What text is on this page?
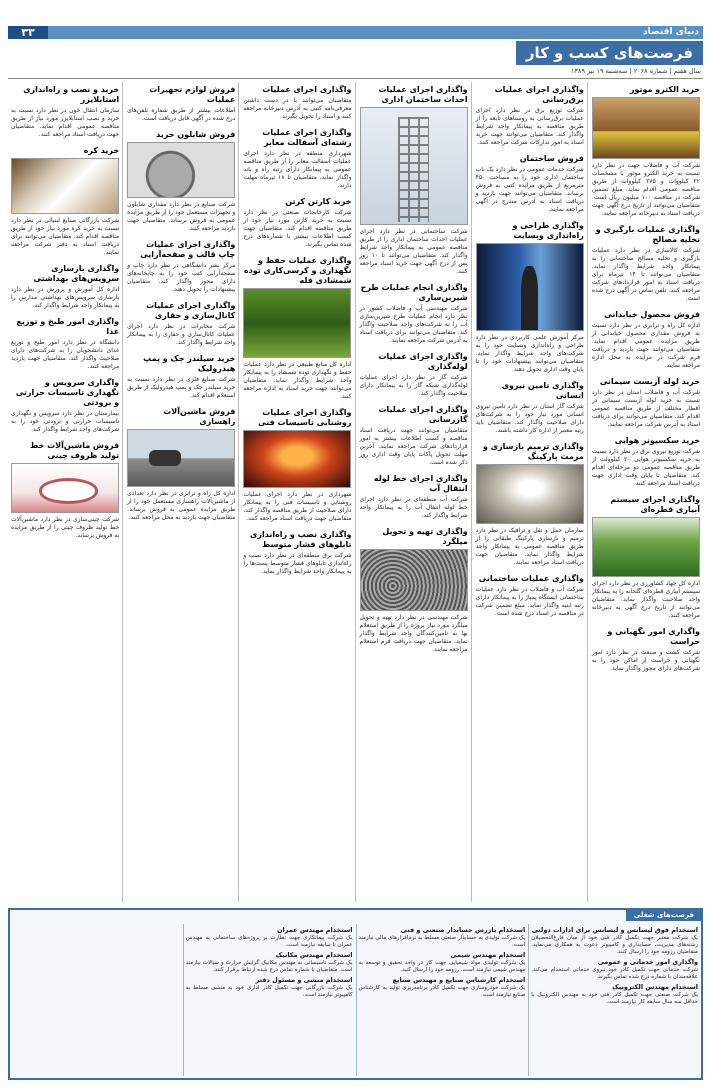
۳۳	دنیای اقتصاد
فرصت‌های کسب و کار
سال هفتم | شماره ۲۰۶۸ | سه‌شنبه ۱۹ تیر ۱۳۸۹
خرید الکترو موتور

شرکت آب و فاضلاب جهت در نظر دارد نسبت به خرید الکترو موتور با مشخصات ۲۲ کیلووات و ۲۷۵ کیلووات از طریق مناقصه عمومی اقدام نماید. مبلغ تضمین شرکت در مناقصه ۱۰۰ میلیون ریال است. متقاضیان می‌توانند از تاریخ درج آگهی جهت دریافت اسناد به دبیرخانه مراجعه نمایند.

واگذاری عملیات بارگیری و تخلیه مصالح

شرکت کالاسازی در نظر دارد عملیات بارگیری و تخلیه مصالح ساختمانی را به پیمانکار واجد شرایط واگذار نماید. متقاضیان می‌توانند تا ۱۴ تیرماه برای دریافت اسناد به امور قراردادهای شرکت مراجعه کنند. تلفن تماس در آگهی درج شده است.

فروش محصول خیابدانی

اداره کل راه و ترابری در نظر دارد نسبت به فروش مقداری محصول خیابدانی از طریق مزایده عمومی اقدام نماید. متقاضیان می‌توانند جهت بازدید و دریافت فرم شرکت در مزایده به محل اداره مراجعه نمایند.

خرید لوله آزبست سیمانی

شرکت آب و فاضلاب استان در نظر دارد نسبت به خرید لوله آزبست سیمانی در اقطار مختلف از طریق مناقصه عمومی اقدام کند. متقاضیان می‌توانند برای دریافت اسناد به آدرس شرکت مراجعه نمایند.

خرید سکسیونر هوایی

شرکت توزیع نیروی برق در نظر دارد نسبت به خرید سکسیونر هوایی ۲۰ کیلوولت از طریق مناقصه عمومی دو مرحله‌ای اقدام کند. متقاضیان تا پایان وقت اداری جهت دریافت اسناد مراجعه کنند.

واگذاری اجرای سیستم آبیاری قطره‌ای

اداره کل جهاد کشاورزی در نظر دارد اجرای سیستم آبیاری قطره‌ای گلخانه را به پیمانکار واجد صلاحیت واگذار نماید. متقاضیان می‌توانند از تاریخ درج آگهی به دبیرخانه مراجعه کنند.

واگذاری امور نگهبانی و حراست

شرکت کشت و صنعت در نظر دارد امور نگهبانی و حراست از اماکن خود را به شرکت‌های دارای مجوز واگذار نماید.

واگذاری اجرای عملیات برق‌رسانی

شرکت توزیع برق در نظر دارد اجرای عملیات برق‌رسانی به روستاهای تابعه را از طریق مناقصه به پیمانکار واجد شرایط واگذار کند. متقاضیان می‌توانند جهت خرید اسناد به امور تدارکات شرکت مراجعه کنند.

فروش ساختمان

شرکت خدمات عمومی در نظر دارد یک باب ساختمان اداری خود را به مساحت ۴۵۰ مترمربع از طریق مزایده کتبی به فروش برساند. متقاضیان می‌توانند جهت بازدید و دریافت اسناد به آدرس مندرج در آگهی مراجعه نمایند.

واگذاری طراحی و راه‌اندازی وبسایت

مرکز آموزش علمی کاربردی در نظر دارد طراحی و راه‌اندازی وبسایت خود را به شرکت‌های واجد شرایط واگذار نماید. متقاضیان می‌توانند پیشنهادات خود را تا پایان وقت اداری تحویل دهند.

واگذاری تامین نیروی انسانی

شرکت گاز استان در نظر دارد تامین نیروی انسانی مورد نیاز خود را به شرکت‌های دارای صلاحیت واگذار کند. متقاضیان باید رتبه معتبر از اداره کار داشته باشند.

واگذاری ترمیم بازسازی و مرمت پارکینگ

سازمان حمل و نقل و ترافیک در نظر دارد ترمیم و بازسازی پارکینگ طبقاتی را از طریق مناقصه عمومی به پیمانکار واجد شرایط واگذار نماید. متقاضیان جهت دریافت اسناد مراجعه نمایند.

واگذاری عملیات ساختمانی

شرکت آب و فاضلاب در نظر دارد عملیات ساختمانی ایستگاه پمپاژ را به پیمانکار دارای رتبه ابنیه واگذار نماید. مبلغ تضمین شرکت در مناقصه در اسناد درج شده است.

واگذاری اجرای عملیات احداث ساختمان اداری

شرکت ساختمانی در نظر دارد اجرای عملیات احداث ساختمان اداری را از طریق مناقصه عمومی به پیمانکار واجد شرایط واگذار کند. متقاضیان می‌توانند تا ۱۰ روز پس از درج آگهی جهت خرید اسناد مراجعه کنند.

واگذاری انجام عملیات طرح شیرین‌سازی

شرکت مهندسی آب و فاضلاب کشور در نظر دارد انجام عملیات طرح شیرین‌سازی آب را به شرکت‌های واجد صلاحیت واگذار کند. متقاضیان می‌توانند برای دریافت اسناد به آدرس شرکت مراجعه نمایند.

واگذاری اجرای عملیات لوله‌گذاری

شرکت گاز در نظر دارد اجرای عملیات لوله‌گذاری شبکه گاز را به پیمانکار دارای صلاحیت واگذار کند.

واگذاری اجرای عملیات گازرسانی

متقاضیان می‌توانند جهت دریافت اسناد مناقصه و کسب اطلاعات بیشتر به امور قراردادهای شرکت مراجعه نمایند. آخرین مهلت تحویل پاکات پایان وقت اداری روز ذکر شده است.

واگذاری اجرای خط لوله انتقال آب

شرکت آب منطقه‌ای در نظر دارد اجرای خط لوله انتقال آب را به پیمانکار واجد شرایط واگذار کند.

واگذاری تهیه و تحویل میلگرد

شرکت مهندسی در نظر دارد تهیه و تحویل میلگرد مورد نیاز پروژه را از طریق استعلام بها به تامین‌کنندگان واجد شرایط واگذار نماید. متقاضیان جهت دریافت فرم استعلام مراجعه نمایند.

واگذاری اجرای عملیات

متقاضیان می‌توانند با در دست داشتن معرفی‌نامه کتبی به آدرس دبیرخانه مراجعه کنند و اسناد را تحویل بگیرند.

واگذاری اجرای عملیات رشته‌ای آسفالت معابر

شهرداری منطقه در نظر دارد اجرای عملیات آسفالت معابر را از طریق مناقصه عمومی به پیمانکار دارای رتبه راه و باند واگذار نماید. متقاضیان تا ۱۸ تیرماه مهلت دارند.

خرید کارتن کرتن

شرکت کارخانجات صنعتی در نظر دارد نسبت به خرید کارتن مورد نیاز خود از طریق مناقصه اقدام کند. متقاضیان جهت کسب اطلاعات بیشتر با شماره‌های درج شده تماس بگیرند.

واگذاری عملیات حفظ و نگهداری و کرسی‌کاری توده شمشادی فله

اداره کل منابع طبیعی در نظر دارد عملیات حفظ و نگهداری توده شمشاد را به پیمانکار واجد شرایط واگذار نماید. متقاضیان می‌توانند جهت خرید اسناد به اداره مراجعه کنند.

واگذاری اجرای عملیات روشنایی تاسیسات فنی

شهرداری در نظر دارد اجرای عملیات روشنایی و تاسیسات فنی را به پیمانکار دارای صلاحیت از طریق مناقصه واگذار کند. متقاضیان جهت دریافت اسناد مراجعه کنند.

واگذاری نصب و راه‌اندازی تابلوهای فشار متوسط

شرکت برق منطقه‌ای در نظر دارد نصب و راه‌اندازی تابلوهای فشار متوسط پست‌ها را به پیمانکار واجد شرایط واگذار نماید.

فروش لوازم تجهیزات عملیات

اطلاعات بیشتر از طریق شماره تلفن‌های درج شده در آگهی قابل دریافت است.

فروش شابلون خرید

شرکت صنایع در نظر دارد مقداری شابلون و تجهیزات مستعمل خود را از طریق مزایده عمومی به فروش برساند. متقاضیان جهت بازدید مراجعه کنند.

واگذاری اجرای عملیات چاپ قالب و صفحه‌آرایی

مرکز نشر دانشگاهی در نظر دارد چاپ و صفحه‌آرایی کتب خود را به چاپخانه‌های دارای مجوز واگذار کند. متقاضیان پیشنهادات را تحویل دهند.

واگذاری اجرای عملیات کانال‌سازی و حفاری

شرکت مخابرات در نظر دارد اجرای عملیات کانال‌سازی و حفاری را به پیمانکار واجد شرایط واگذار کند.

خرید سیلندر جک و پمپ هیدرولیک

شرکت صنایع فلزی در نظر دارد نسبت به خرید سیلندر جک و پمپ هیدرولیک از طریق استعلام اقدام کند.

فروش ماشین‌آلات راهسازی

اداره کل راه و ترابری در نظر دارد تعدادی از ماشین‌آلات راهسازی مستعمل خود را از طریق مزایده عمومی به فروش برساند. متقاضیان جهت بازدید به محل مراجعه کنند.

خرید و نصب و راه‌اندازی استابلایزر

سازمان انتقال خون در نظر دارد نسبت به خرید و نصب استابلایزر مورد نیاز از طریق مناقصه عمومی اقدام نماید. متقاضیان جهت دریافت اسناد مراجعه کنند.

خرید کره

شرکت بازرگانی صنایع لبنیاتی در نظر دارد نسبت به خرید کره مورد نیاز خود از طریق مناقصه اقدام کند. متقاضیان می‌توانند برای دریافت اسناد به دفتر شرکت مراجعه نمایند.

واگذاری بازسازی سرویس‌های بهداشتی

اداره کل آموزش و پرورش در نظر دارد بازسازی سرویس‌های بهداشتی مدارس را به پیمانکار واجد شرایط واگذار کند.

واگذاری امور طبخ و توزیع غذا

دانشگاه در نظر دارد امور طبخ و توزیع غذای دانشجویان را به شرکت‌های دارای صلاحیت واگذار کند. متقاضیان جهت بازدید مراجعه کنند.

واگذاری سرویس و نگهداری تاسیسات حرارتی و برودتی

بیمارستان در نظر دارد سرویس و نگهداری تاسیسات حرارتی و برودتی خود را به شرکت‌های واجد شرایط واگذار کند.

فروش ماشین‌آلات خط تولید ظروف چینی

شرکت چینی‌سازی در نظر دارد ماشین‌آلات خط تولید ظروف چینی را از طریق مزایده به فروش برساند.

فرصت‌های شغلی
استخدام فوق لیسانس و لیسانس برای ادارات دولتی

یک شرکت معتبر جهت تکمیل کادر فنی خود از میان فارغ‌التحصیلان رشته‌های مدیریت، حسابداری و کامپیوتر دعوت به همکاری می‌نماید. متقاضیان رزومه خود را ارسال کنند.

واگذاری امور خدماتی و عمومی

شرکت خدماتی جهت تکمیل کادر خود نیروی خدماتی استخدام می‌کند. علاقه‌مندان با شماره درج شده تماس بگیرند.

استخدام مهندس الکترونیک

یک شرکت صنعتی جهت تکمیل کادر فنی خود به مهندس الکترونیک با حداقل سه سال سابقه کار نیازمند است.

استخدام بازرس حسابدار صنعتی و فنی

یک شرکت تولیدی به حسابدار صنعتی مسلط به نرم‌افزارهای مالی نیازمند است.

استخدام مهندس شیمی

یک شرکت تولیدی مواد شیمیایی جهت کار در واحد تحقیق و توسعه به مهندس شیمی نیازمند است. رزومه خود را ارسال کنید.

استخدام کارشناس صنایع و مهندس صنایع

یک شرکت خودروسازی جهت تکمیل کادر برنامه‌ریزی تولید به کارشناس صنایع نیازمند است.

استخدام مهندس عمران

یک شرکت پیمانکاری جهت نظارت بر پروژه‌های ساختمانی به مهندس عمران با سابقه نیازمند است.

استخدام مهندس مکانیک

یک شرکت تاسیساتی به مهندس مکانیک گرایش حرارت و سیالات نیازمند است. متقاضیان با شماره تماس درج شده ارتباط برقرار کنند.

استخدام منشی و مسئول دفتر

یک شرکت بازرگانی جهت تکمیل کادر اداری خود به منشی مسلط به کامپیوتر نیازمند است.
